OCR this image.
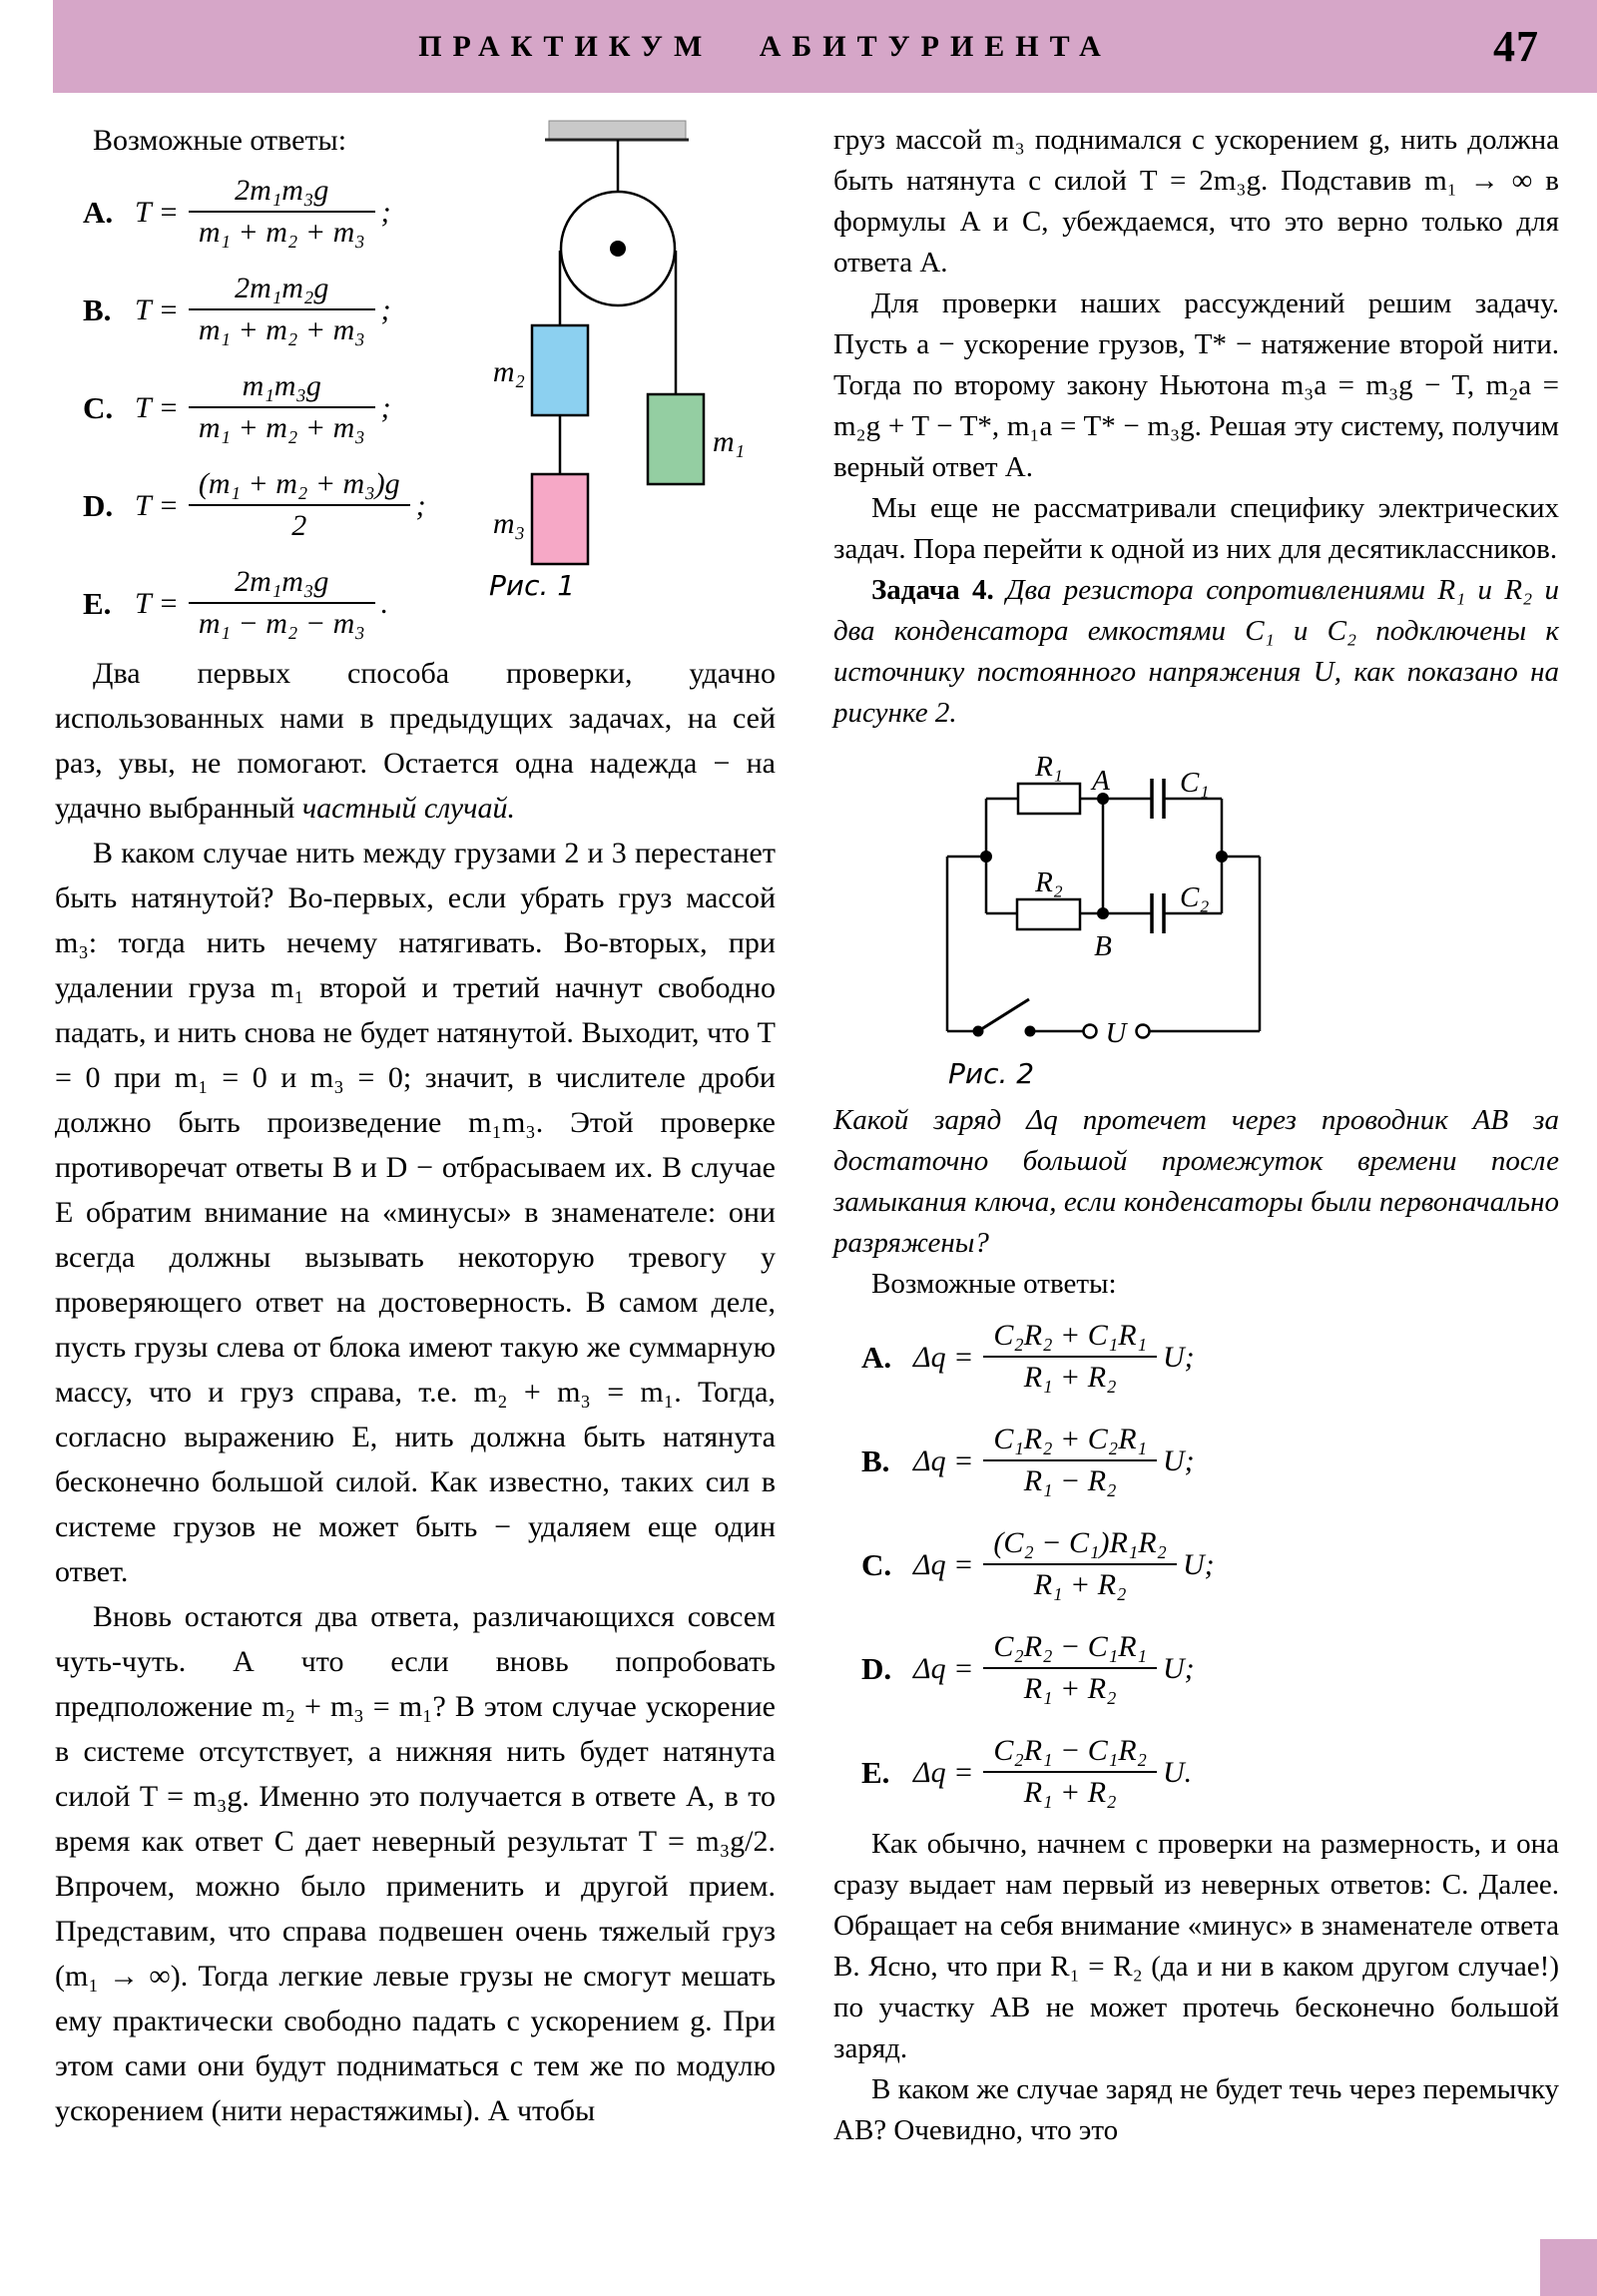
ПРАКТИКУМ АБИТУРИЕНТА	47

Возможные ответы:

A. $T = \frac{\text{2m₁m₃g}}{\text{m₁ + m₂ + m₃}}$ ;
B. $T = \frac{\text{2m₁m₂g}}{\text{m₁ + m₂ + m₃}}$ ;
C. $T = \frac{\text{m₁m₃g}}{\text{m₁ + m₂ + m₃}}$ ;
D. $T = \frac{\text{(m₁ + m₂ + m₃)g}}{2}$ ;
E. $T = \frac{\text{2m₁m₃g}}{\text{m₁ − m₂ − m₃}}$ .
m₂
m₃
m₁
Рис. 1

Два первых способа проверки, удачно использованных нами в предыдущих задачах, на сей раз, увы, не помогают. Остается одна надежда − на удачно выбранный частный случай.

В каком случае нить между грузами 2 и 3 перестанет быть натянутой? Во-первых, если убрать груз массой m₃: тогда нить нечему натягивать. Во-вторых, при удалении груза m₁ второй и третий начнут свободно падать, и нить снова не будет натянутой. Выходит, что T = 0 при m₁ = 0 и m₃ = 0; значит, в числителе дроби должно быть произведение m₁m₃. Этой проверке противоречат ответы B и D − отбрасываем их. В случае E обратим внимание на «минусы» в знаменателе: они всегда должны вызывать некоторую тревогу у проверяющего ответ на достоверность. В самом деле, пусть грузы слева от блока имеют такую же суммарную массу, что и груз справа, т.е. m₂ + m₃ = m₁. Тогда, согласно выражению E, нить должна быть натянута бесконечно большой силой. Как известно, таких сил в системе грузов не может быть − удаляем еще один ответ.

Вновь остаются два ответа, различающихся совсем чуть-чуть. А что если вновь попробовать предположение m₂ + m₃ = m₁? В этом случае ускорение в системе отсутствует, а нижняя нить будет натянута силой T = m₃g. Именно это получается в ответе A, в то время как ответ C дает неверный результат T = m₃g/2. Впрочем, можно было применить и другой прием. Представим, что справа подвешен очень тяжелый груз (m₁ → ∞). Тогда легкие левые грузы не смогут мешать ему практически свободно падать с ускорением g. При этом сами они будут подниматься с тем же по модулю ускорением (нити нерастяжимы). А чтобы

груз массой m₃ поднимался с ускорением g, нить должна быть натянута с силой T = 2m₃g. Подставив m₁ → ∞ в формулы A и C, убеждаемся, что это верно только для ответа A.

Для проверки наших рассуждений решим задачу. Пусть a − ускорение грузов, T* − натяжение второй нити. Тогда по второму закону Ньютона m₃a = m₃g − T, m₂a = m₂g + T − T*, m₁a = T* − m₃g. Решая эту систему, получим верный ответ A.

Мы еще не рассматривали специфику электрических задач. Пора перейти к одной из них для десятиклассников.

Задача 4. Два резистора сопротивлениями R₁ и R₂ и два конденсатора емкостями C₁ и C₂ подключены к источнику постоянного напряжения U, как показано на рисунке 2.

R₁
R₂
C₁
C₂
A
B
U
Рис. 2

Какой заряд Δq протечет через проводник AB за достаточно большой промежуток времени после замыкания ключа, если конденсаторы были первоначально разряжены?

Возможные ответы:

A. $\Delta q = \frac{\text{C₂R₂ + C₁R₁}}{\text{R₁ + R₂}} U$;
B. $\Delta q = \frac{\text{C₁R₂ + C₂R₁}}{\text{R₁ − R₂}} U$;
C. $\Delta q = \frac{\text{(C₂ − C₁)R₁R₂}}{\text{R₁ + R₂}} U$;
D. $\Delta q = \frac{\text{C₂R₂ − C₁R₁}}{\text{R₁ + R₂}} U$;
E. $\Delta q = \frac{\text{C₂R₁ − C₁R₂}}{\text{R₁ + R₂}} U$.

Как обычно, начнем с проверки на размерность, и она сразу выдает нам первый из неверных ответов: C. Далее. Обращает на себя внимание «минус» в знаменателе ответа B. Ясно, что при R₁ = R₂ (да и ни в каком другом случае!) по участку AB не может протечь бесконечно большой заряд.

В каком же случае заряд не будет течь через перемычку AB? Очевидно, что это
